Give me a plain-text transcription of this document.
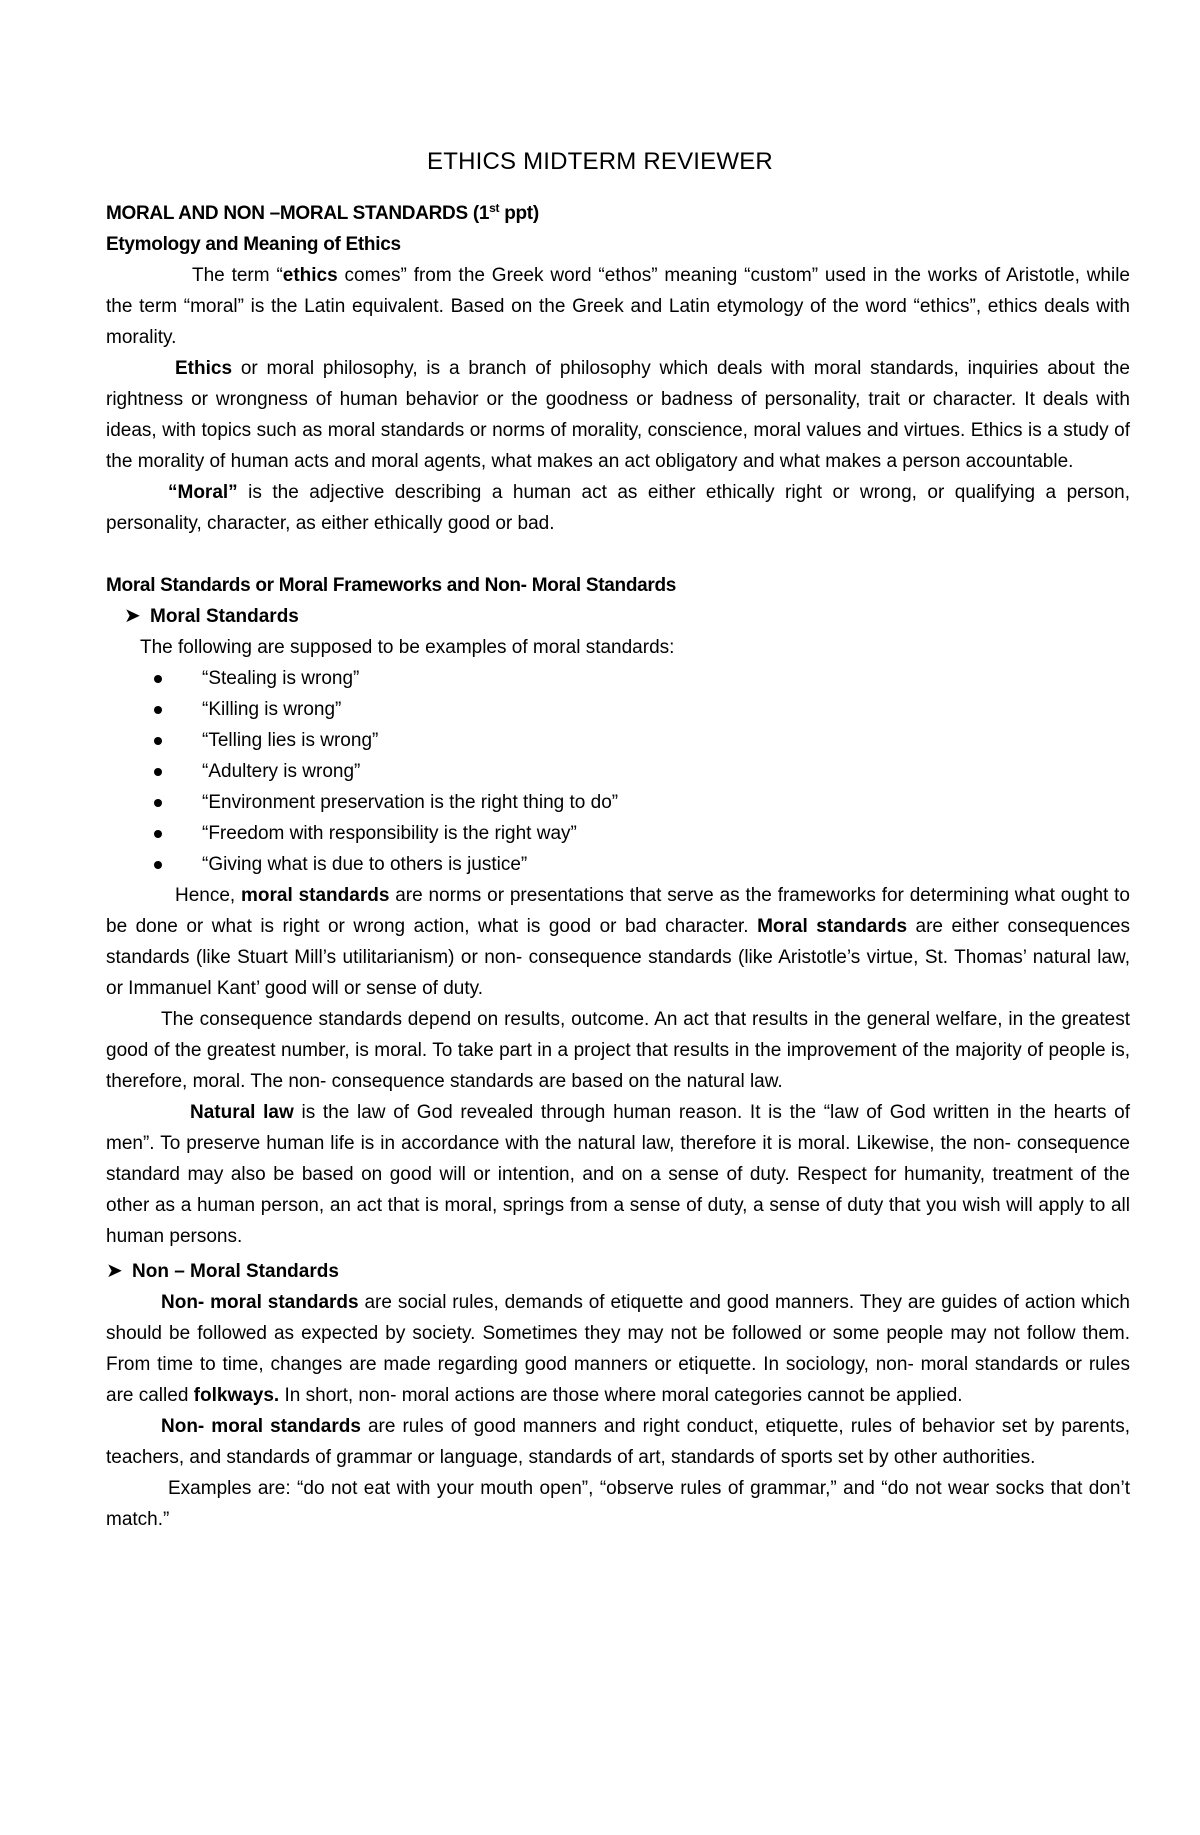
ETHICS MIDTERM REVIEWER
MORAL AND NON –MORAL STANDARDS (1st ppt)
Etymology and Meaning of Ethics

The term “ethics comes” from the Greek word “ethos” meaning “custom” used in the works of Aristotle, while the term “moral” is the Latin equivalent. Based on the Greek and Latin etymology of the word “ethics”, ethics deals with morality.

Ethics or moral philosophy, is a branch of philosophy which deals with moral standards, inquiries about the rightness or wrongness of human behavior or the goodness or badness of personality, trait or character. It deals with ideas, with topics such as moral standards or norms of morality, conscience, moral values and virtues. Ethics is a study of the morality of human acts and moral agents, what makes an act obligatory and what makes a person accountable.

“Moral” is the adjective describing a human act as either ethically right or wrong, or qualifying a person, personality, character, as either ethically good or bad.

Moral Standards or Moral Frameworks and Non- Moral Standards
➤ Moral Standards
The following are supposed to be examples of moral standards:
“Stealing is wrong”
“Killing is wrong”
“Telling lies is wrong”
“Adultery is wrong”
“Environment preservation is the right thing to do”
“Freedom with responsibility is the right way”
“Giving what is due to others is justice”

Hence, moral standards are norms or presentations that serve as the frameworks for determining what ought to be done or what is right or wrong action, what is good or bad character. Moral standards are either consequences standards (like Stuart Mill’s utilitarianism) or non- consequence standards (like Aristotle’s virtue, St. Thomas’ natural law, or Immanuel Kant’ good will or sense of duty.

The consequence standards depend on results, outcome. An act that results in the general welfare, in the greatest good of the greatest number, is moral. To take part in a project that results in the improvement of the majority of people is, therefore, moral. The non- consequence standards are based on the natural law.

Natural law is the law of God revealed through human reason. It is the “law of God written in the hearts of men”. To preserve human life is in accordance with the natural law, therefore it is moral. Likewise, the non- consequence standard may also be based on good will or intention, and on a sense of duty. Respect for humanity, treatment of the other as a human person, an act that is moral, springs from a sense of duty, a sense of duty that you wish will apply to all human persons.

➤ Non – Moral Standards

Non- moral standards are social rules, demands of etiquette and good manners. They are guides of action which should be followed as expected by society. Sometimes they may not be followed or some people may not follow them. From time to time, changes are made regarding good manners or etiquette. In sociology, non- moral standards or rules are called folkways. In short, non- moral actions are those where moral categories cannot be applied.

Non- moral standards are rules of good manners and right conduct, etiquette, rules of behavior set by parents, teachers, and standards of grammar or language, standards of art, standards of sports set by other authorities.

Examples are: “do not eat with your mouth open”, “observe rules of grammar,” and “do not wear socks that don’t match.”
